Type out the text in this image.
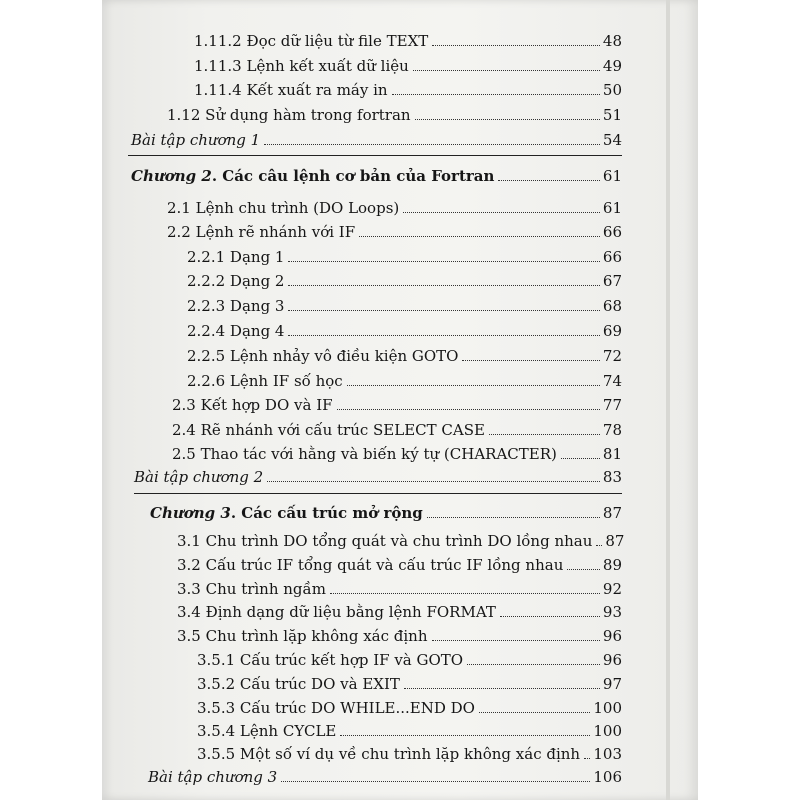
1.11.2 Đọc dữ liệu từ file TEXT	48
1.11.3 Lệnh kết xuất dữ liệu	49
1.11.4 Kết xuất ra máy in	50
1.12 Sử dụng hàm trong fortran	51
Bài tập chương 1	54
Chương 2. Các câu lệnh cơ bản của Fortran	61
2.1 Lệnh chu trình (DO Loops)	61
2.2 Lệnh rẽ nhánh với IF	66
2.2.1 Dạng 1	66
2.2.2 Dạng 2	67
2.2.3 Dạng 3	68
2.2.4 Dạng 4	69
2.2.5 Lệnh nhảy vô điều kiện GOTO	72
2.2.6 Lệnh IF số học	74
2.3 Kết hợp DO và IF	77
2.4 Rẽ nhánh với cấu trúc SELECT CASE	78
2.5 Thao tác với hằng và biến ký tự (CHARACTER)	81
Bài tập chương 2	83
Chương 3. Các cấu trúc mở rộng	87
3.1 Chu trình DO tổng quát và chu trình DO lồng nhau 87
3.2 Cấu trúc IF tổng quát và cấu trúc IF lồng nhau	89
3.3 Chu trình ngầm	92
3.4 Định dạng dữ liệu bằng lệnh FORMAT	93
3.5 Chu trình lặp không xác định	96
3.5.1 Cấu trúc kết hợp IF và GOTO	96
3.5.2 Cấu trúc DO và EXIT	97
3.5.3 Cấu trúc DO WHILE...END DO	100
3.5.4 Lệnh CYCLE	100
3.5.5 Một số ví dụ về chu trình lặp không xác định 103
Bài tập chương 3	106
